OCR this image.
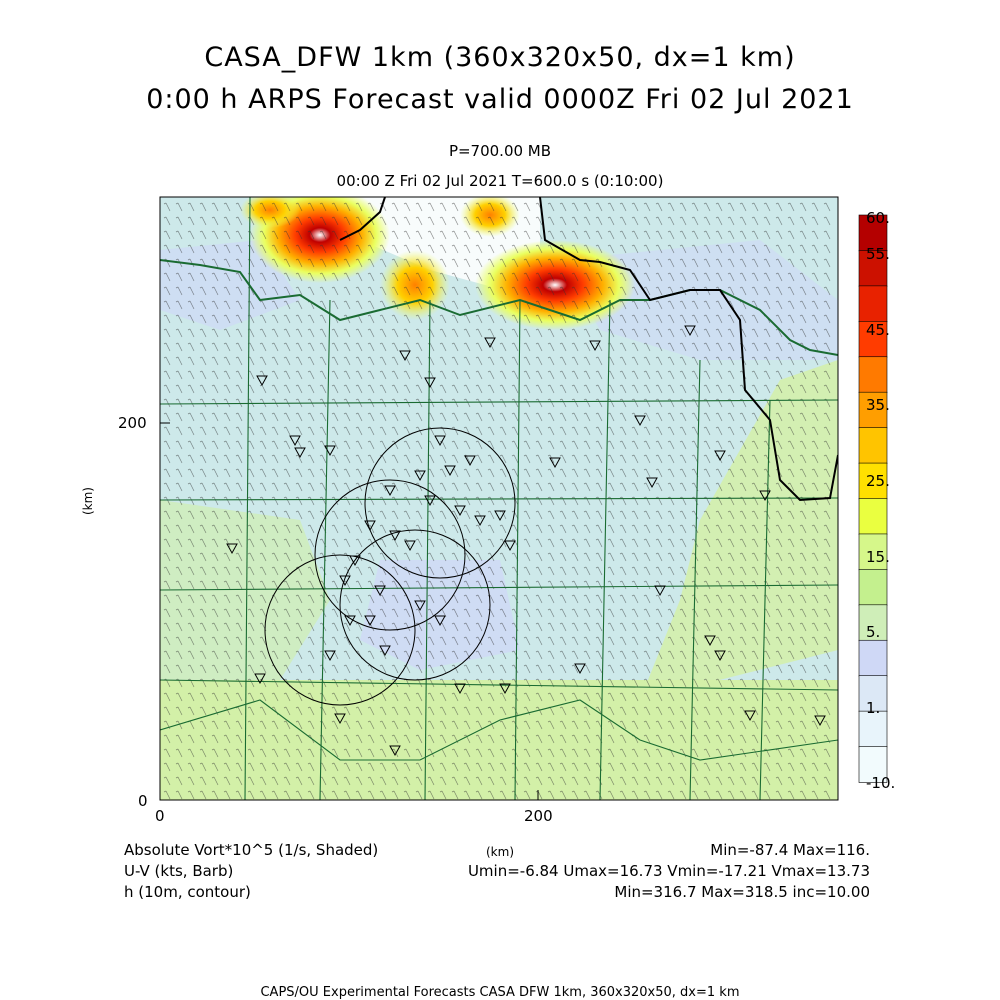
CASA_DFW 1km (360x320x50, dx=1 km)
0:00 h ARPS Forecast valid 0000Z Fri 02 Jul 2021
P=700.00 MB
00:00 Z Fri 02 Jul 2021 T=600.0 s (0:10:00)
200
0
0	200
(km)
(km)
60.
55.
45.
35.
25.
15.
5.
1.
-10.
Absolute Vort*10^5 (1/s, Shaded)
U-V (kts, Barb)
h (10m, contour)
Min=-87.4 Max=116.
Umin=-6.84 Umax=16.73 Vmin=-17.21 Vmax=13.73
Min=316.7 Max=318.5 inc=10.00
CAPS/OU Experimental Forecasts CASA DFW 1km, 360x320x50, dx=1 km
